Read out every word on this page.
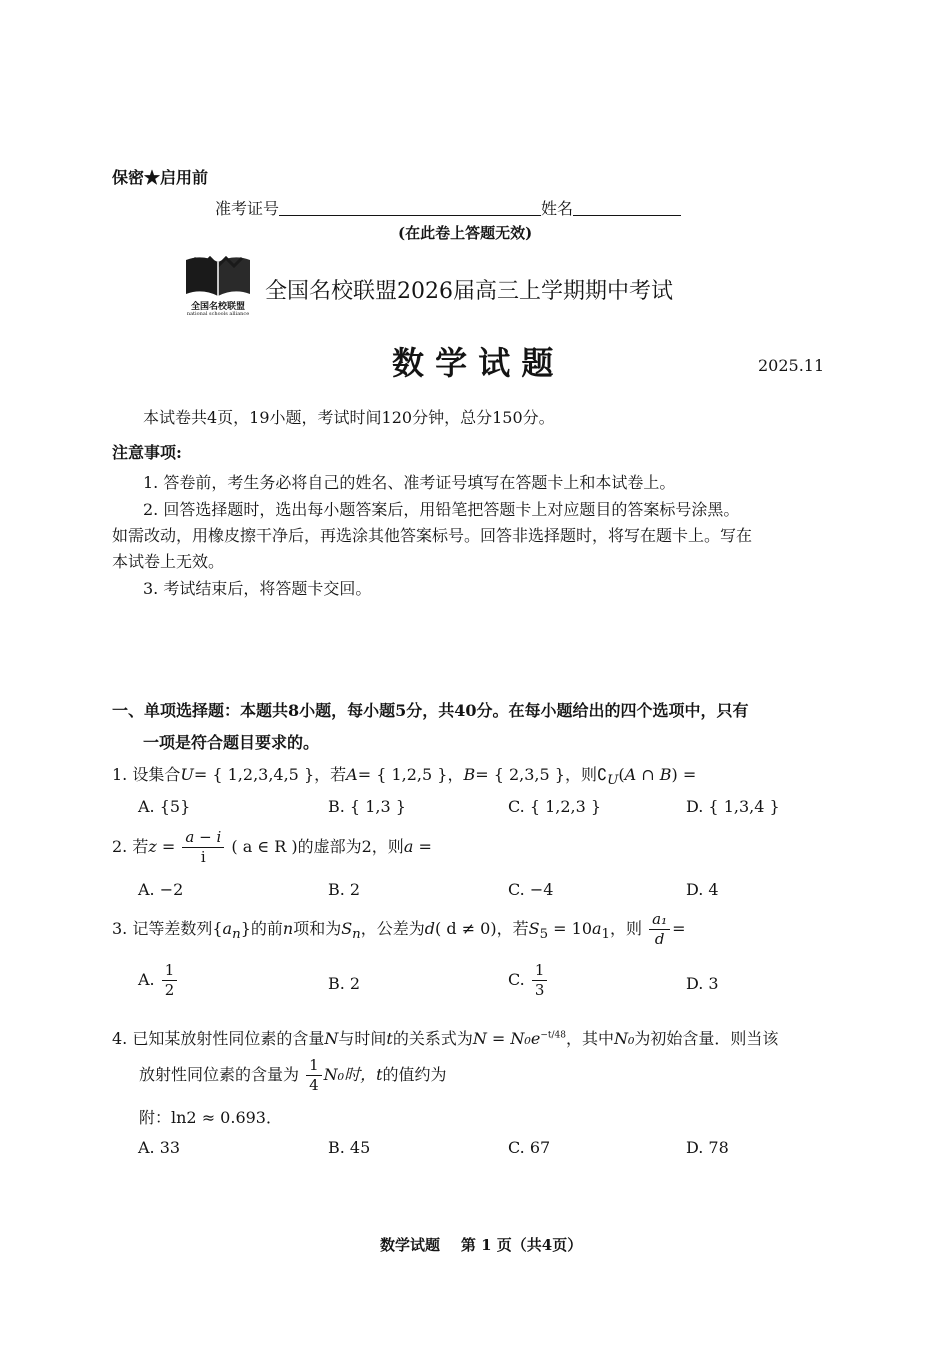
保密★启用前
准考证号	姓名
(在此卷上答题无效)
全国名校联盟
national schools alliance
全国名校联盟2026届高三上学期期中考试
数 学 试 题	2025.11
本试卷共4页，19小题，考试时间120分钟，总分150分。
注意事项:
1. 答卷前，考生务必将自己的姓名、准考证号填写在答题卡上和本试卷上。
2. 回答选择题时，选出每小题答案后，用铅笔把答题卡上对应题目的答案标号涂黑。
如需改动，用橡皮擦干净后，再选涂其他答案标号。回答非选择题时，将写在题卡上。写在
本试卷上无效。
3. 考试结束后，将答题卡交回。
一、单项选择题：本题共8小题，每小题5分，共40分。在每小题给出的四个选项中，只有
一项是符合题目要求的。
1. 设集合U= { 1,2,3,4,5 }，若A= { 1,2,5 }，B= { 2,3,5 }，则$∁_U(A$ ∩ B) =
A. {5}	B. { 1,3 }	C. { 1,2,3 }	D. { 1,3,4 }
2. 若$z = \frac{a - i}{i}$ ( a ∈ R )的虚部为2，则a =
A. −2	B. 2	C. −4	D. 4
3. 记等差数列$\{a_n\}$的前n项和为$S_n$，公差为d( d ≠ 0)，若$S_5 = 10a_1$，则 $\frac{\text{a₁}}{d}$ =
A. $\frac{1}{2}$	B. 2	C. $\frac{1}{3}$	D. 3
4. 已知某放射性同位素的含量N与时间t的关系式为$N = N_0e^{-t/48}$，其中N₀为初始含量．则当该
放射性同位素的含量为 $\frac{1}{4} N_0$时，t的值约为
附：ln2 ≈ 0.693．
A. 33	B. 45	C. 67	D. 78
数学试题 第 1 页（共4页）
